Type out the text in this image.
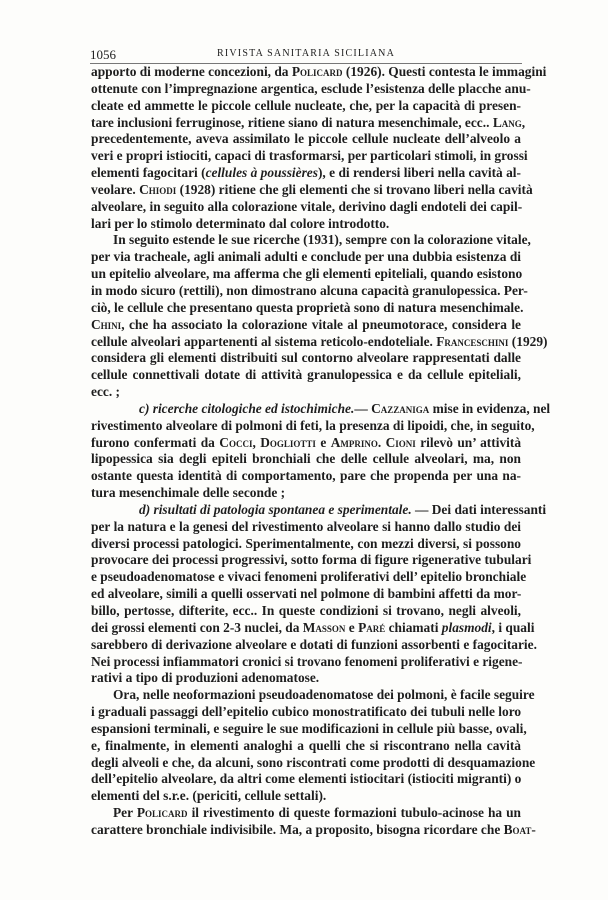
1056	RIVISTA SANITARIA SICILIANA
apporto di moderne concezioni, da Policard (1926). Questi contesta le immagini
ottenute con l’impregnazione argentica, esclude l’esistenza delle placche anu-
cleate ed ammette le piccole cellule nucleate, che, per la capacità di presen-
tare inclusioni ferruginose, ritiene siano di natura mesenchimale, ecc.. Lang,
precedentemente, aveva assimilato le piccole cellule nucleate dell’alveolo a
veri e propri istiociti, capaci di trasformarsi, per particolari stimoli, in grossi
elementi fagocitari (cellules à poussières), e di rendersi liberi nella cavità al-
veolare. Chiodi (1928) ritiene che gli elementi che si trovano liberi nella cavità
alveolare, in seguito alla colorazione vitale, derivino dagli endoteli dei capil-
lari per lo stimolo determinato dal colore introdotto.
In seguito estende le sue ricerche (1931), sempre con la colorazione vitale,
per via tracheale, agli animali adulti e conclude per una dubbia esistenza di
un epitelio alveolare, ma afferma che gli elementi epiteliali, quando esistono
in modo sicuro (rettili), non dimostrano alcuna capacità granulopessica. Per-
ciò, le cellule che presentano questa proprietà sono di natura mesenchimale.
Chini, che ha associato la colorazione vitale al pneumotorace, considera le
cellule alveolari appartenenti al sistema reticolo-endoteliale. Franceschini (1929)
considera gli elementi distribuiti sul contorno alveolare rappresentati dalle
cellule connettivali dotate di attività granulopessica e da cellule epiteliali,
ecc. ;
c) ricerche citologiche ed istochimiche.— Cazzaniga mise in evidenza, nel
rivestimento alveolare di polmoni di feti, la presenza di lipoidi, che, in seguito,
furono confermati da Cocci, Dogliotti e Amprino. Cioni rilevò un’ attività
lipopessica sia degli epiteli bronchiali che delle cellule alveolari, ma, non
ostante questa identità di comportamento, pare che propenda per una na-
tura mesenchimale delle seconde ;
d) risultati di patologia spontanea e sperimentale. — Dei dati interessanti
per la natura e la genesi del rivestimento alveolare si hanno dallo studio dei
diversi processi patologici. Sperimentalmente, con mezzi diversi, si possono
provocare dei processi progressivi, sotto forma di figure rigenerative tubulari
e pseudoadenomatose e vivaci fenomeni proliferativi dell’ epitelio bronchiale
ed alveolare, simili a quelli osservati nel polmone di bambini affetti da mor-
billo, pertosse, difterite, ecc.. In queste condizioni si trovano, negli alveoli,
dei grossi elementi con 2-3 nuclei, da Masson e Paré chiamati plasmodi, i quali
sarebbero di derivazione alveolare e dotati di funzioni assorbenti e fagocitarie.
Nei processi infiammatori cronici si trovano fenomeni proliferativi e rigene-
rativi a tipo di produzioni adenomatose.
Ora, nelle neoformazioni pseudoadenomatose dei polmoni, è facile seguire
i graduali passaggi dell’epitelio cubico monostratificato dei tubuli nelle loro
espansioni terminali, e seguire le sue modificazioni in cellule più basse, ovali,
e, finalmente, in elementi analoghi a quelli che si riscontrano nella cavità
degli alveoli e che, da alcuni, sono riscontrati come prodotti di desquamazione
dell’epitelio alveolare, da altri come elementi istiocitari (istiociti migranti) o
elementi del s.r.e. (periciti, cellule settali).
Per Policard il rivestimento di queste formazioni tubulo-acinose ha un
carattere bronchiale indivisibile. Ma, a proposito, bisogna ricordare che Boat-
